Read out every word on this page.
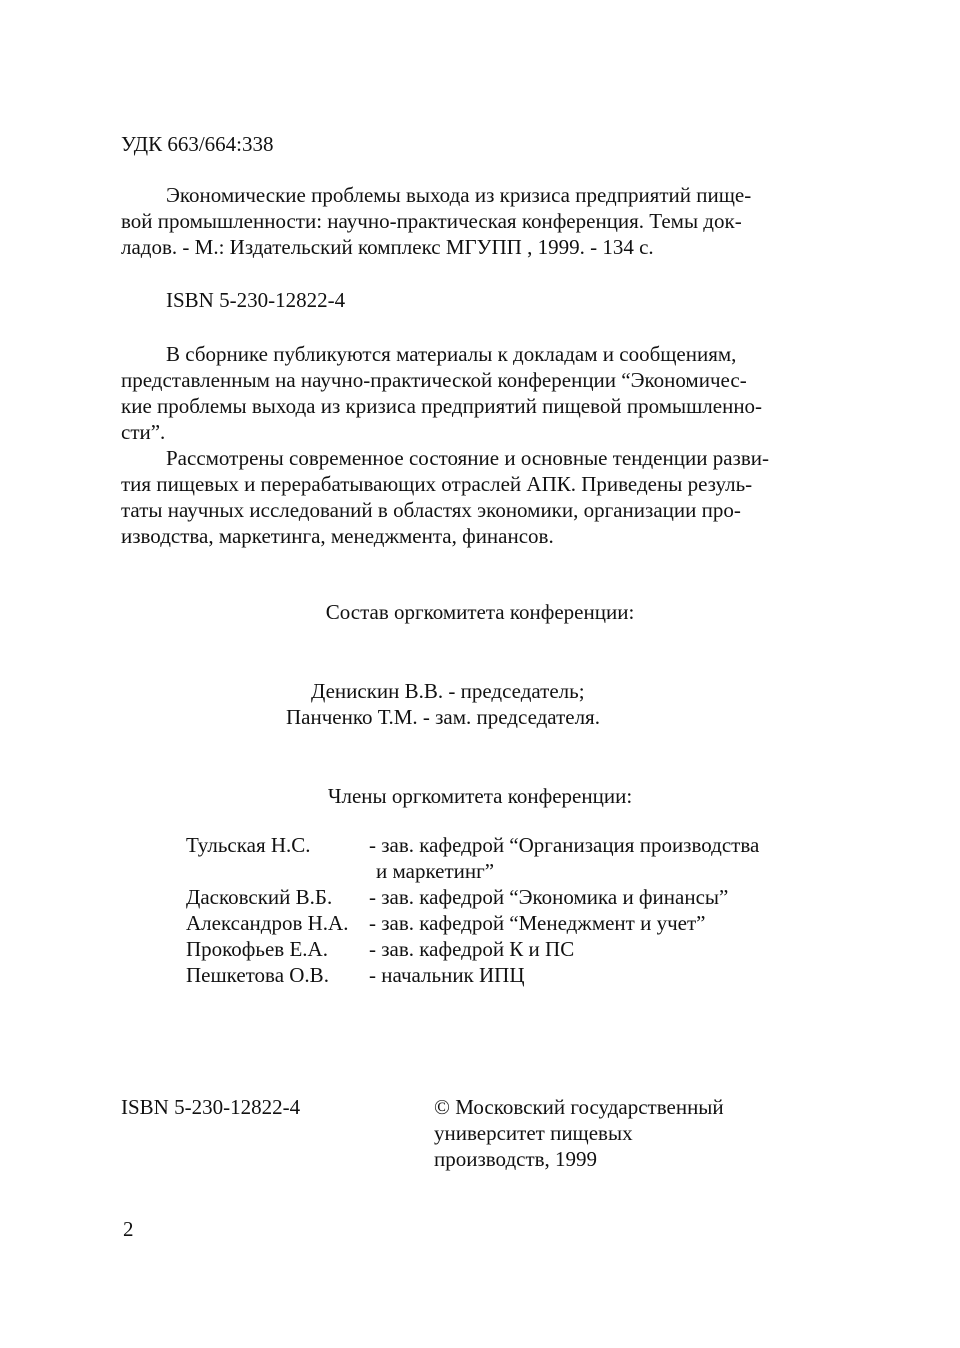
УДК 663/664:338
Экономические проблемы выхода из кризиса предприятий пище-
вой промышленности: научно-практическая конференция. Темы док-
ладов. - М.: Издательский комплекс МГУПП , 1999. - 134 с.
ISBN 5-230-12822-4
В сборнике публикуются материалы к докладам и сообщениям,
представленным на научно-практической конференции “Экономичес-
кие проблемы выхода из кризиса предприятий пищевой промышленно-
сти”.
Рассмотрены современное состояние и основные тенденции разви-
тия пищевых и перерабатывающих отраслей АПК. Приведены резуль-
таты научных исследований в областях экономики, организации про-
изводства, маркетинга, менеджмента, финансов.
Состав оргкомитета конференции:
Денискин В.В. - председатель;
Панченко Т.М. - зам. председателя.
Члены оргкомитета конференции:
Тульская Н.С.	- зав. кафедрой “Организация производства
и маркетинг”
Дасковский В.Б. - зав. кафедрой “Экономика и финансы”
Александров Н.А. - зав. кафедрой “Менеджмент и учет”
Прокофьев Е.А. - зав. кафедрой К и ПС
Пешкетова О.В. - начальник ИПЦ
ISBN 5-230-12822-4	© Московский государственный
университет пищевых
производств, 1999
2
